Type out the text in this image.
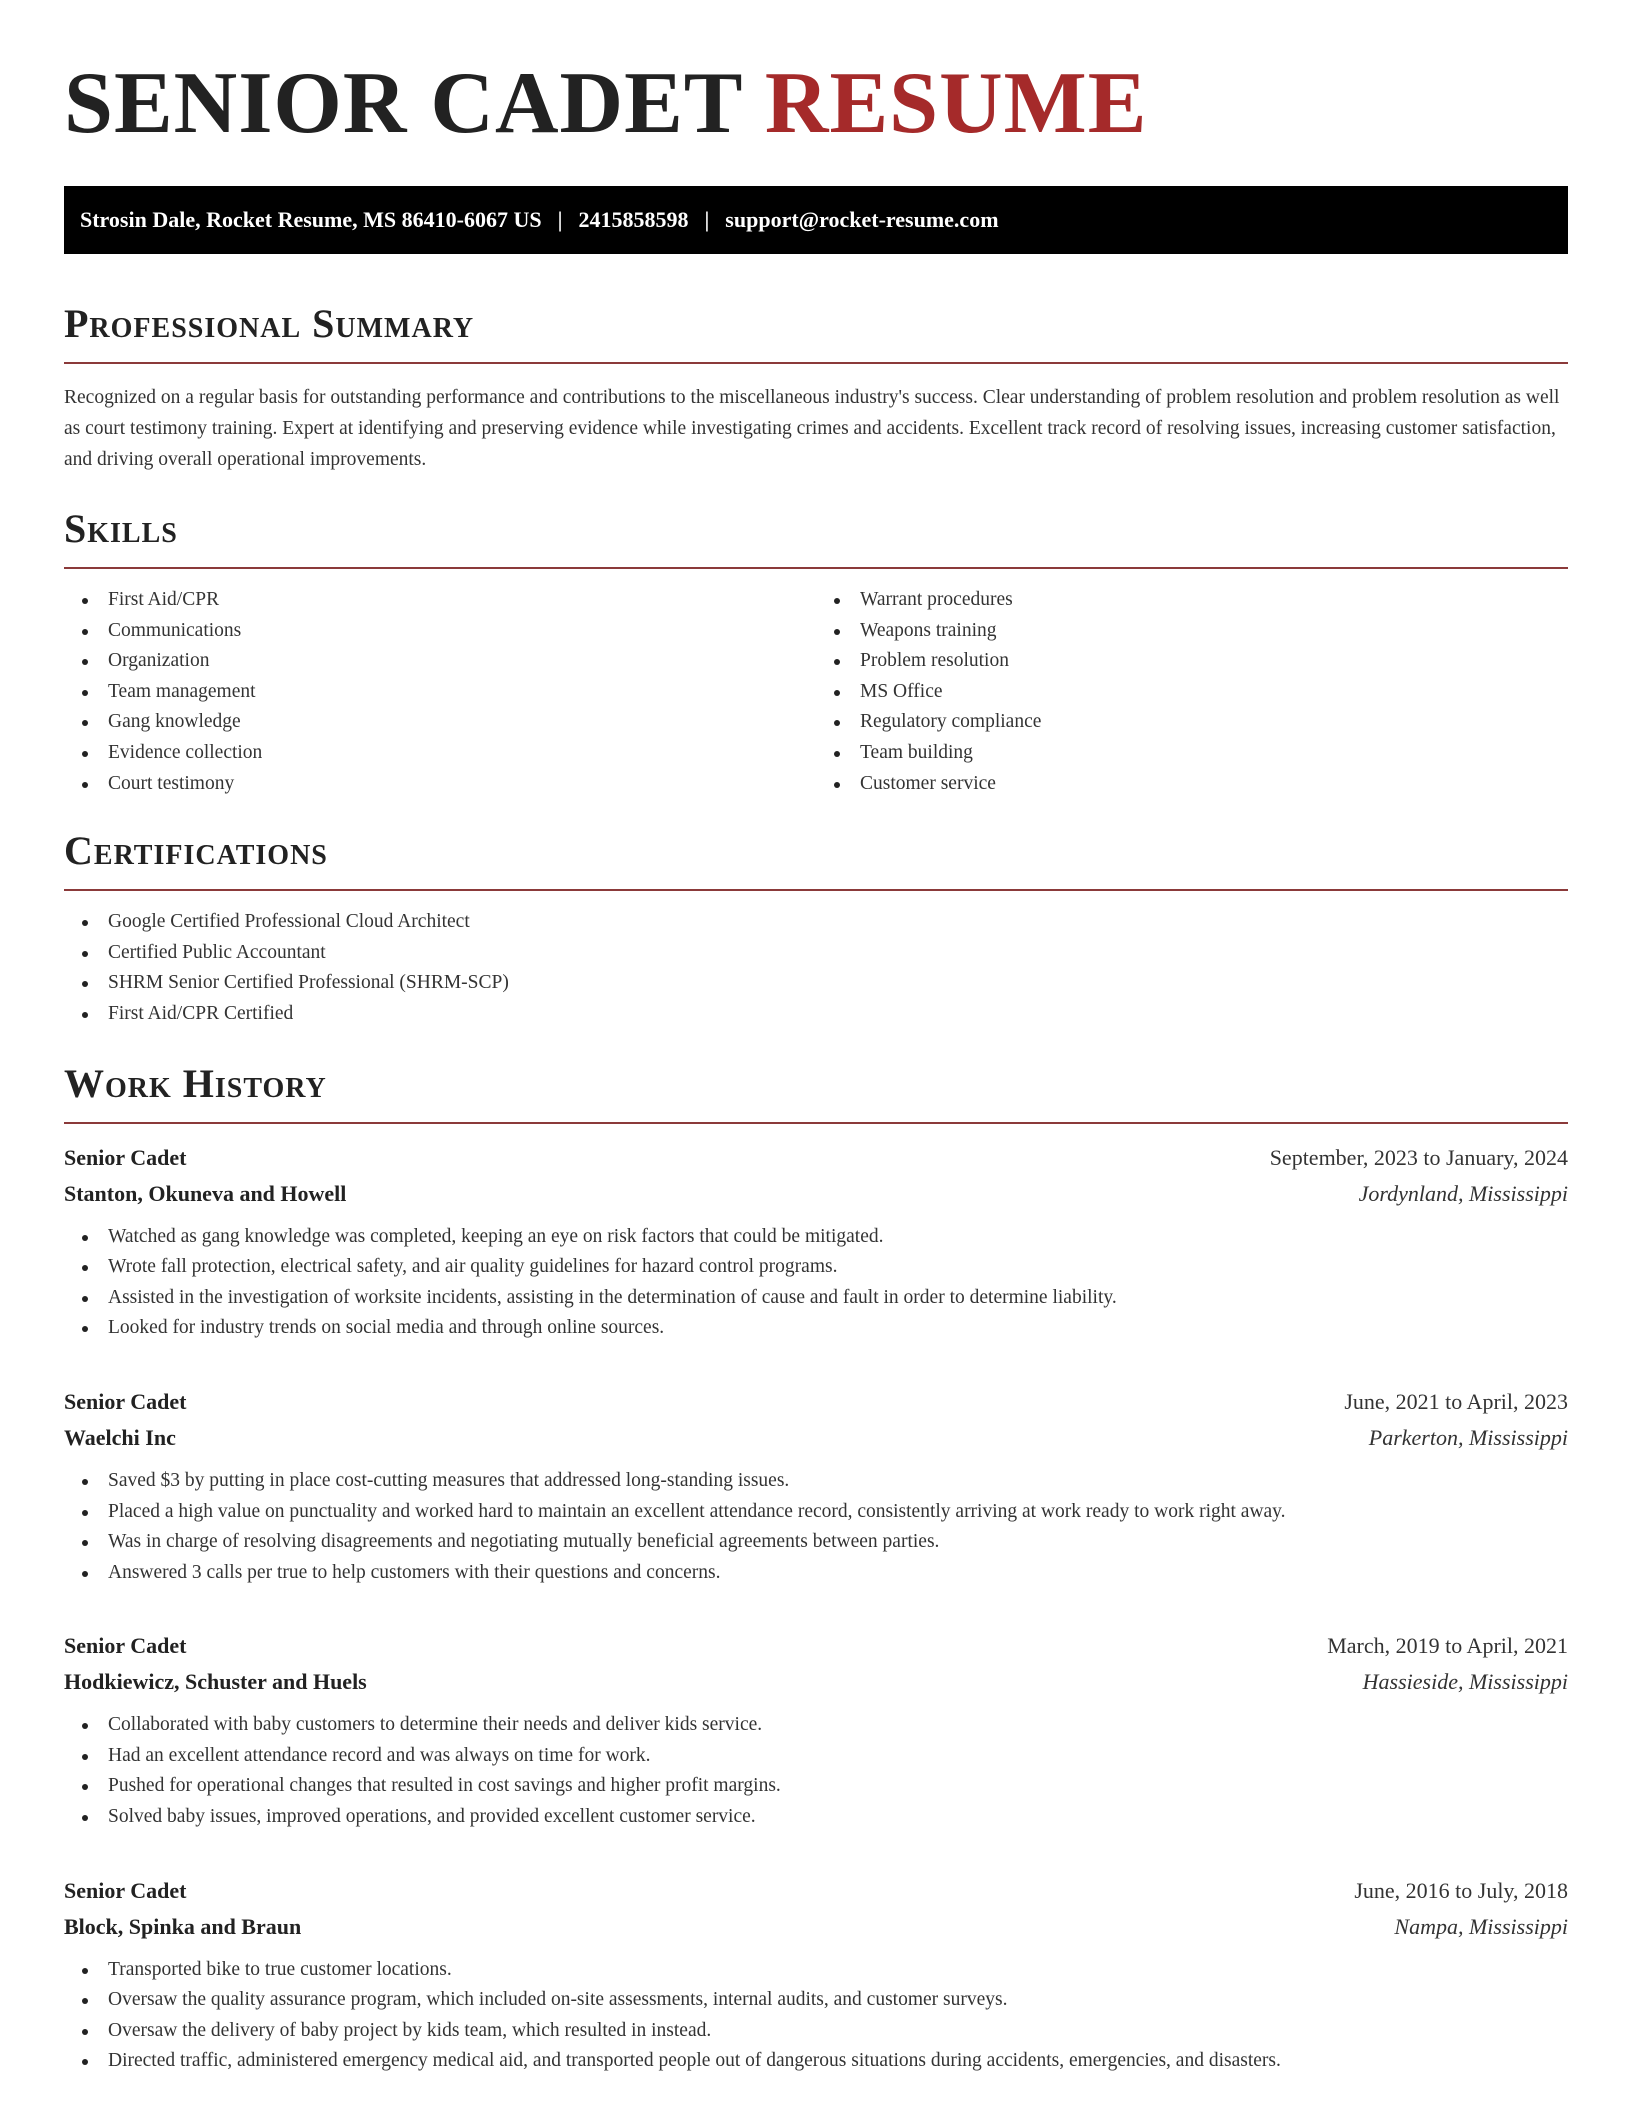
SENIOR CADET RESUME
Strosin Dale, Rocket Resume, MS 86410-6067 US | 2415858598 | support@rocket-resume.com
Professional Summary

Recognized on a regular basis for outstanding performance and contributions to the miscellaneous industry's success. Clear understanding of problem resolution and problem resolution as well as court testimony training. Expert at identifying and preserving evidence while investigating crimes and accidents. Excellent track record of resolving issues, increasing customer satisfaction, and driving overall operational improvements.

Skills
First Aid/CPR
Communications
Organization
Team management
Gang knowledge
Evidence collection
Court testimony
Warrant procedures
Weapons training
Problem resolution
MS Office
Regulatory compliance
Team building
Customer service
Certifications
Google Certified Professional Cloud Architect
Certified Public Accountant
SHRM Senior Certified Professional (SHRM-SCP)
First Aid/CPR Certified
Work History
Senior Cadet	September, 2023 to January, 2024
Stanton, Okuneva and Howell	Jordynland, Mississippi
Watched as gang knowledge was completed, keeping an eye on risk factors that could be mitigated.
Wrote fall protection, electrical safety, and air quality guidelines for hazard control programs.
Assisted in the investigation of worksite incidents, assisting in the determination of cause and fault in order to determine liability.
Looked for industry trends on social media and through online sources.
Senior Cadet	June, 2021 to April, 2023
Waelchi Inc	Parkerton, Mississippi
Saved $3 by putting in place cost-cutting measures that addressed long-standing issues.
Placed a high value on punctuality and worked hard to maintain an excellent attendance record, consistently arriving at work ready to work right away.
Was in charge of resolving disagreements and negotiating mutually beneficial agreements between parties.
Answered 3 calls per true to help customers with their questions and concerns.
Senior Cadet	March, 2019 to April, 2021
Hodkiewicz, Schuster and Huels	Hassieside, Mississippi
Collaborated with baby customers to determine their needs and deliver kids service.
Had an excellent attendance record and was always on time for work.
Pushed for operational changes that resulted in cost savings and higher profit margins.
Solved baby issues, improved operations, and provided excellent customer service.
Senior Cadet	June, 2016 to July, 2018
Block, Spinka and Braun	Nampa, Mississippi
Transported bike to true customer locations.
Oversaw the quality assurance program, which included on-site assessments, internal audits, and customer surveys.
Oversaw the delivery of baby project by kids team, which resulted in instead.
Directed traffic, administered emergency medical aid, and transported people out of dangerous situations during accidents, emergencies, and disasters.
